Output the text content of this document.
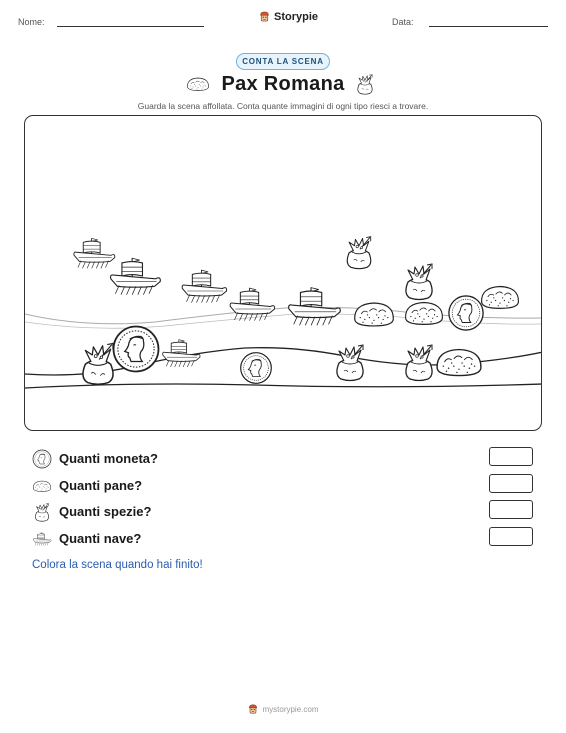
Nome:	Storypie	Data:
CONTA LA SCENA
Pax Romana
Guarda la scena affollata. Conta quante immagini di ogni tipo riesci a trovare.
Quanti moneta?
Quanti pane?
Quanti spezie?
Quanti nave?
Colora la scena quando hai finito!
mystorypie.com
